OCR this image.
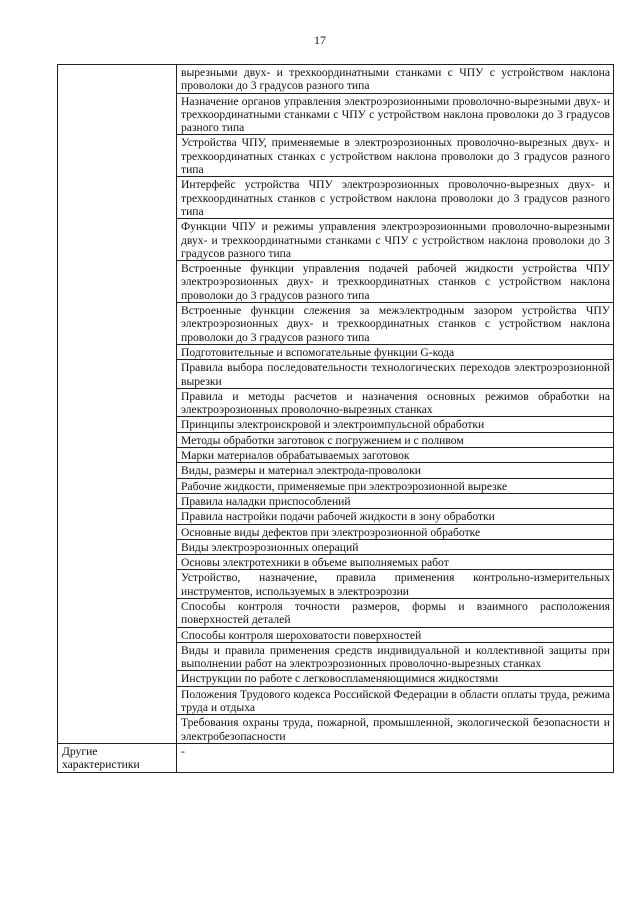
17
	вырезными двух- и трехкоординатными станками с ЧПУ с устройством наклона проволоки до 3 градусов разного типа
	Назначение органов управления электроэрозионными проволочно-вырезными двух- и трехкоординатными станками с ЧПУ с устройством наклона проволоки до 3 градусов разного типа
	Устройства ЧПУ, применяемые в электроэрозионных проволочно-вырезных двух- и трехкоординатных станках с устройством наклона проволоки до 3 градусов разного типа
	Интерфейс устройства ЧПУ электроэрозионных проволочно-вырезных двух- и трехкоординатных станков с устройством наклона проволоки до 3 градусов разного типа
	Функции ЧПУ и режимы управления электроэрозионными проволочно-вырезными двух- и трехкоординатными станками с ЧПУ с устройством наклона проволоки до 3 градусов разного типа
	Встроенные функции управления подачей рабочей жидкости устройства ЧПУ электроэрозионных двух- и трехкоординатных станков с устройством наклона проволоки до 3 градусов разного типа
	Встроенные функции слежения за межэлектродным зазором устройства ЧПУ электроэрозионных двух- и трехкоординатных станков с устройством наклона проволоки до 3 градусов разного типа
	Подготовительные и вспомогательные функции G-кода
	Правила выбора последовательности технологических переходов электроэрозионной вырезки
	Правила и методы расчетов и назначения основных режимов обработки на электроэрозионных проволочно-вырезных станках
	Принципы электроискровой и электроимпульсной обработки
	Методы обработки заготовок с погружением и с поливом
	Марки материалов обрабатываемых заготовок
	Виды, размеры и материал электрода-проволоки
	Рабочие жидкости, применяемые при электроэрозионной вырезке
	Правила наладки приспособлений
	Правила настройки подачи рабочей жидкости в зону обработки
	Основные виды дефектов при электроэрозионной обработке
	Виды электроэрозионных операций
	Основы электротехники в объеме выполняемых работ
	Устройство, назначение, правила применения контрольно-измерительных инструментов, используемых в электроэрозии
	Способы контроля точности размеров, формы и взаимного расположения поверхностей деталей
	Способы контроля шероховатости поверхностей
	Виды и правила применения средств индивидуальной и коллективной защиты при выполнении работ на электроэрозионных проволочно-вырезных станках
	Инструкции по работе с легковоспламеняющимися жидкостями
	Положения Трудового кодекса Российской Федерации в области оплаты труда, режима труда и отдыха
	Требования охраны труда, пожарной, промышленной, экологической безопасности и электробезопасности
Другие характеристики	-
